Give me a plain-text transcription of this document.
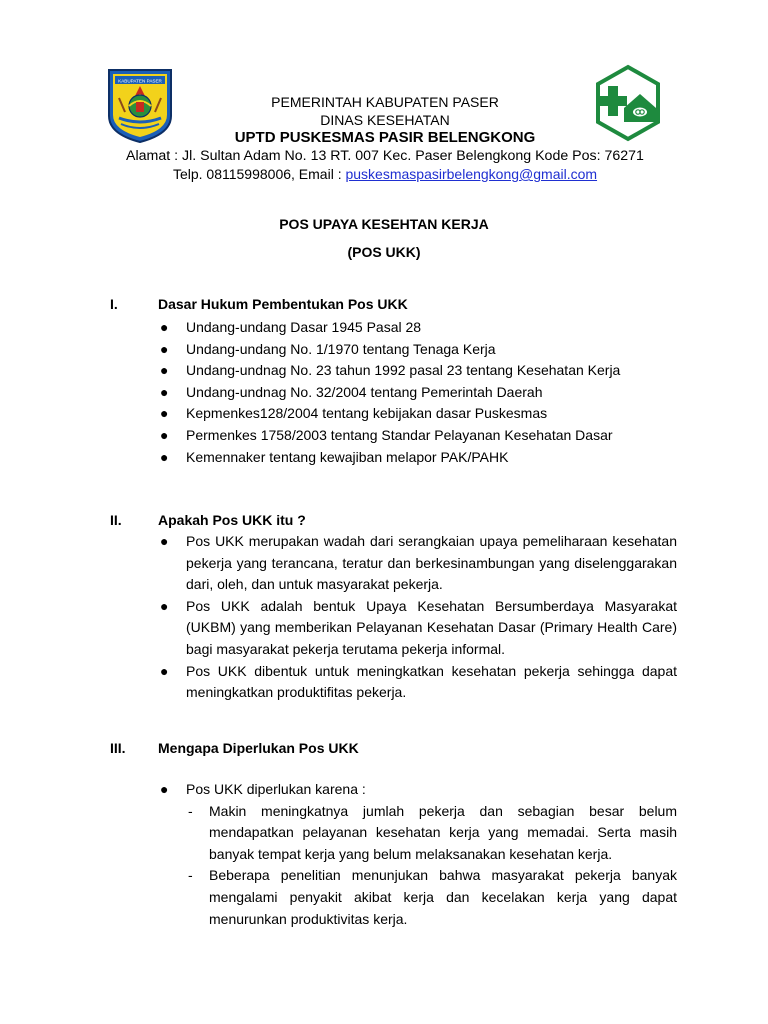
KABUPATEN PASER
PEMERINTAH KABUPATEN PASER
DINAS KESEHATAN
UPTD PUSKESMAS PASIR BELENGKONG
Alamat : Jl. Sultan Adam No. 13 RT. 007 Kec. Paser Belengkong Kode Pos: 76271
Telp. 08115998006, Email : puskesmaspasirbelengkong@gmail.com
POS UPAYA KESEHTAN KERJA
(POS UKK)
I.	Dasar Hukum Pembentukan Pos UKK
● Undang-undang Dasar 1945 Pasal 28
● Undang-undang No. 1/1970 tentang Tenaga Kerja
● Undang-undnag No. 23 tahun 1992 pasal 23 tentang Kesehatan Kerja
● Undang-undnag No. 32/2004 tentang Pemerintah Daerah
● Kepmenkes128/2004 tentang kebijakan dasar Puskesmas
● Permenkes 1758/2003 tentang Standar Pelayanan Kesehatan Dasar
● Kemennaker tentang kewajiban melapor PAK/PAHK
II.	Apakah Pos UKK itu ?
● Pos UKK merupakan wadah dari serangkaian upaya pemeliharaan kesehatan pekerja yang terancana, teratur dan berkesinambungan yang diselenggarakan dari, oleh, dan untuk masyarakat pekerja.
● Pos UKK adalah bentuk Upaya Kesehatan Bersumberdaya Masyarakat (UKBM) yang memberikan Pelayanan Kesehatan Dasar (Primary Health Care) bagi masyarakat pekerja terutama pekerja informal.
● Pos UKK dibentuk untuk meningkatkan kesehatan pekerja sehingga dapat meningkatkan produktifitas pekerja.
III. Mengapa Diperlukan Pos UKK
● Pos UKK diperlukan karena :
- Makin meningkatnya jumlah pekerja dan sebagian besar belum mendapatkan pelayanan kesehatan kerja yang memadai. Serta masih banyak tempat kerja yang belum melaksanakan kesehatan kerja.
- Beberapa penelitian menunjukan bahwa masyarakat pekerja banyak mengalami penyakit akibat kerja dan kecelakan kerja yang dapat menurunkan produktivitas kerja.
